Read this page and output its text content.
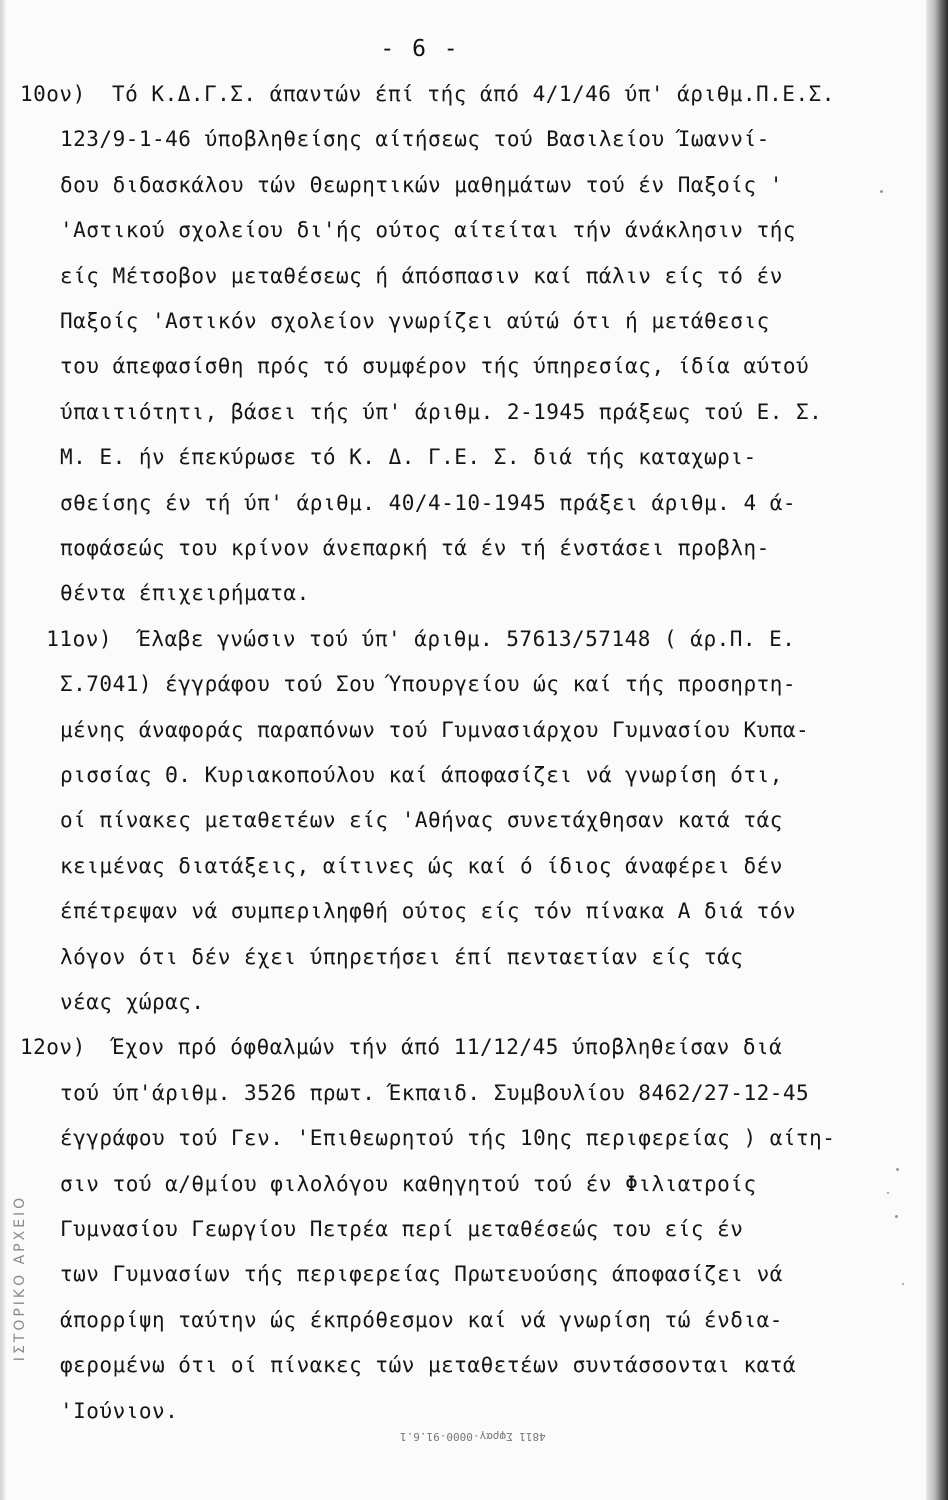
- 6 -
10ον)  Τό Κ.Δ.Γ.Σ. άπαντών έπί τής άπό 4/1/46 ύπ' άριθμ.Π.Ε.Σ.
123/9-1-46 ύποβληθείσης αίτήσεως τού Βασιλείου Ίωαννί-
δου διδασκάλου τών Θεωρητικών μαθημάτων τού έν Παξοίς '
'Αστικού σχολείου δι'ής ούτος αίτείται τήν άνάκλησιν τής
είς Μέτσοβον μεταθέσεως ή άπόσπασιν καί πάλιν είς τό έν
Παξοίς 'Αστικόν σχολείον γνωρίζει αύτώ ότι ή μετάθεσις
του άπεφασίσθη πρός τό συμφέρον τής ύπηρεσίας, ίδία αύτού
ύπαιτιότητι, βάσει τής ύπ' άριθμ. 2-1945 πράξεως τού Ε. Σ.
Μ. Ε. ήν έπεκύρωσε τό Κ. Δ. Γ.Ε. Σ. διά τής καταχωρι-
σθείσης έν τή ύπ' άριθμ. 40/4-10-1945 πράξει άριθμ. 4 ά-
ποφάσεώς του κρίνον άνεπαρκή τά έν τή ένστάσει προβλη-
θέντα έπιχειρήματα.
11ον)  Έλαβε γνώσιν τού ύπ' άριθμ. 57613/57148 ( άρ.Π. Ε.
Σ.7041) έγγράφου τού Σου Ύπουργείου ώς καί τής προσηρτη-
μένης άναφοράς παραπόνων τού Γυμνασιάρχου Γυμνασίου Κυπα-
ρισσίας Θ. Κυριακοπούλου καί άποφασίζει νά γνωρίση ότι,
οί πίνακες μεταθετέων είς 'Αθήνας συνετάχθησαν κατά τάς
κειμένας διατάξεις, αίτινες ώς καί ό ίδιος άναφέρει δέν
έπέτρεψαν νά συμπεριληφθή ούτος είς τόν πίνακα Α διά τόν
λόγον ότι δέν έχει ύπηρετήσει έπί πενταετίαν είς τάς
νέας χώρας.
12ον)  Έχον πρό όφθαλμών τήν άπό 11/12/45 ύποβληθείσαν διά
τού ύπ'άριθμ. 3526 πρωτ. Έκπαιδ. Συμβουλίου 8462/27-12-45
έγγράφου τού Γεν. 'Επιθεωρητού τής 10ης περιφερείας ) αίτη-
σιν τού α/θμίου φιλολόγου καθηγητού τού έν Φιλιατροίς
Γυμνασίου Γεωργίου Πετρέα περί μεταθέσεώς του είς έν
των Γυμνασίων τής περιφερείας Πρωτευούσης άποφασίζει νά
άπορρίψη ταύτην ώς έκπρόθεσμον καί νά γνωρίση τώ ένδια-
φερομένω ότι οί πίνακες τών μεταθετέων συντάσσονται κατά
'Ιούνιον.
ΙΣΤΟΡΙΚΟ ΑΡΧΕΙΟ
4811 Σφραγ-0000-91.6.1
